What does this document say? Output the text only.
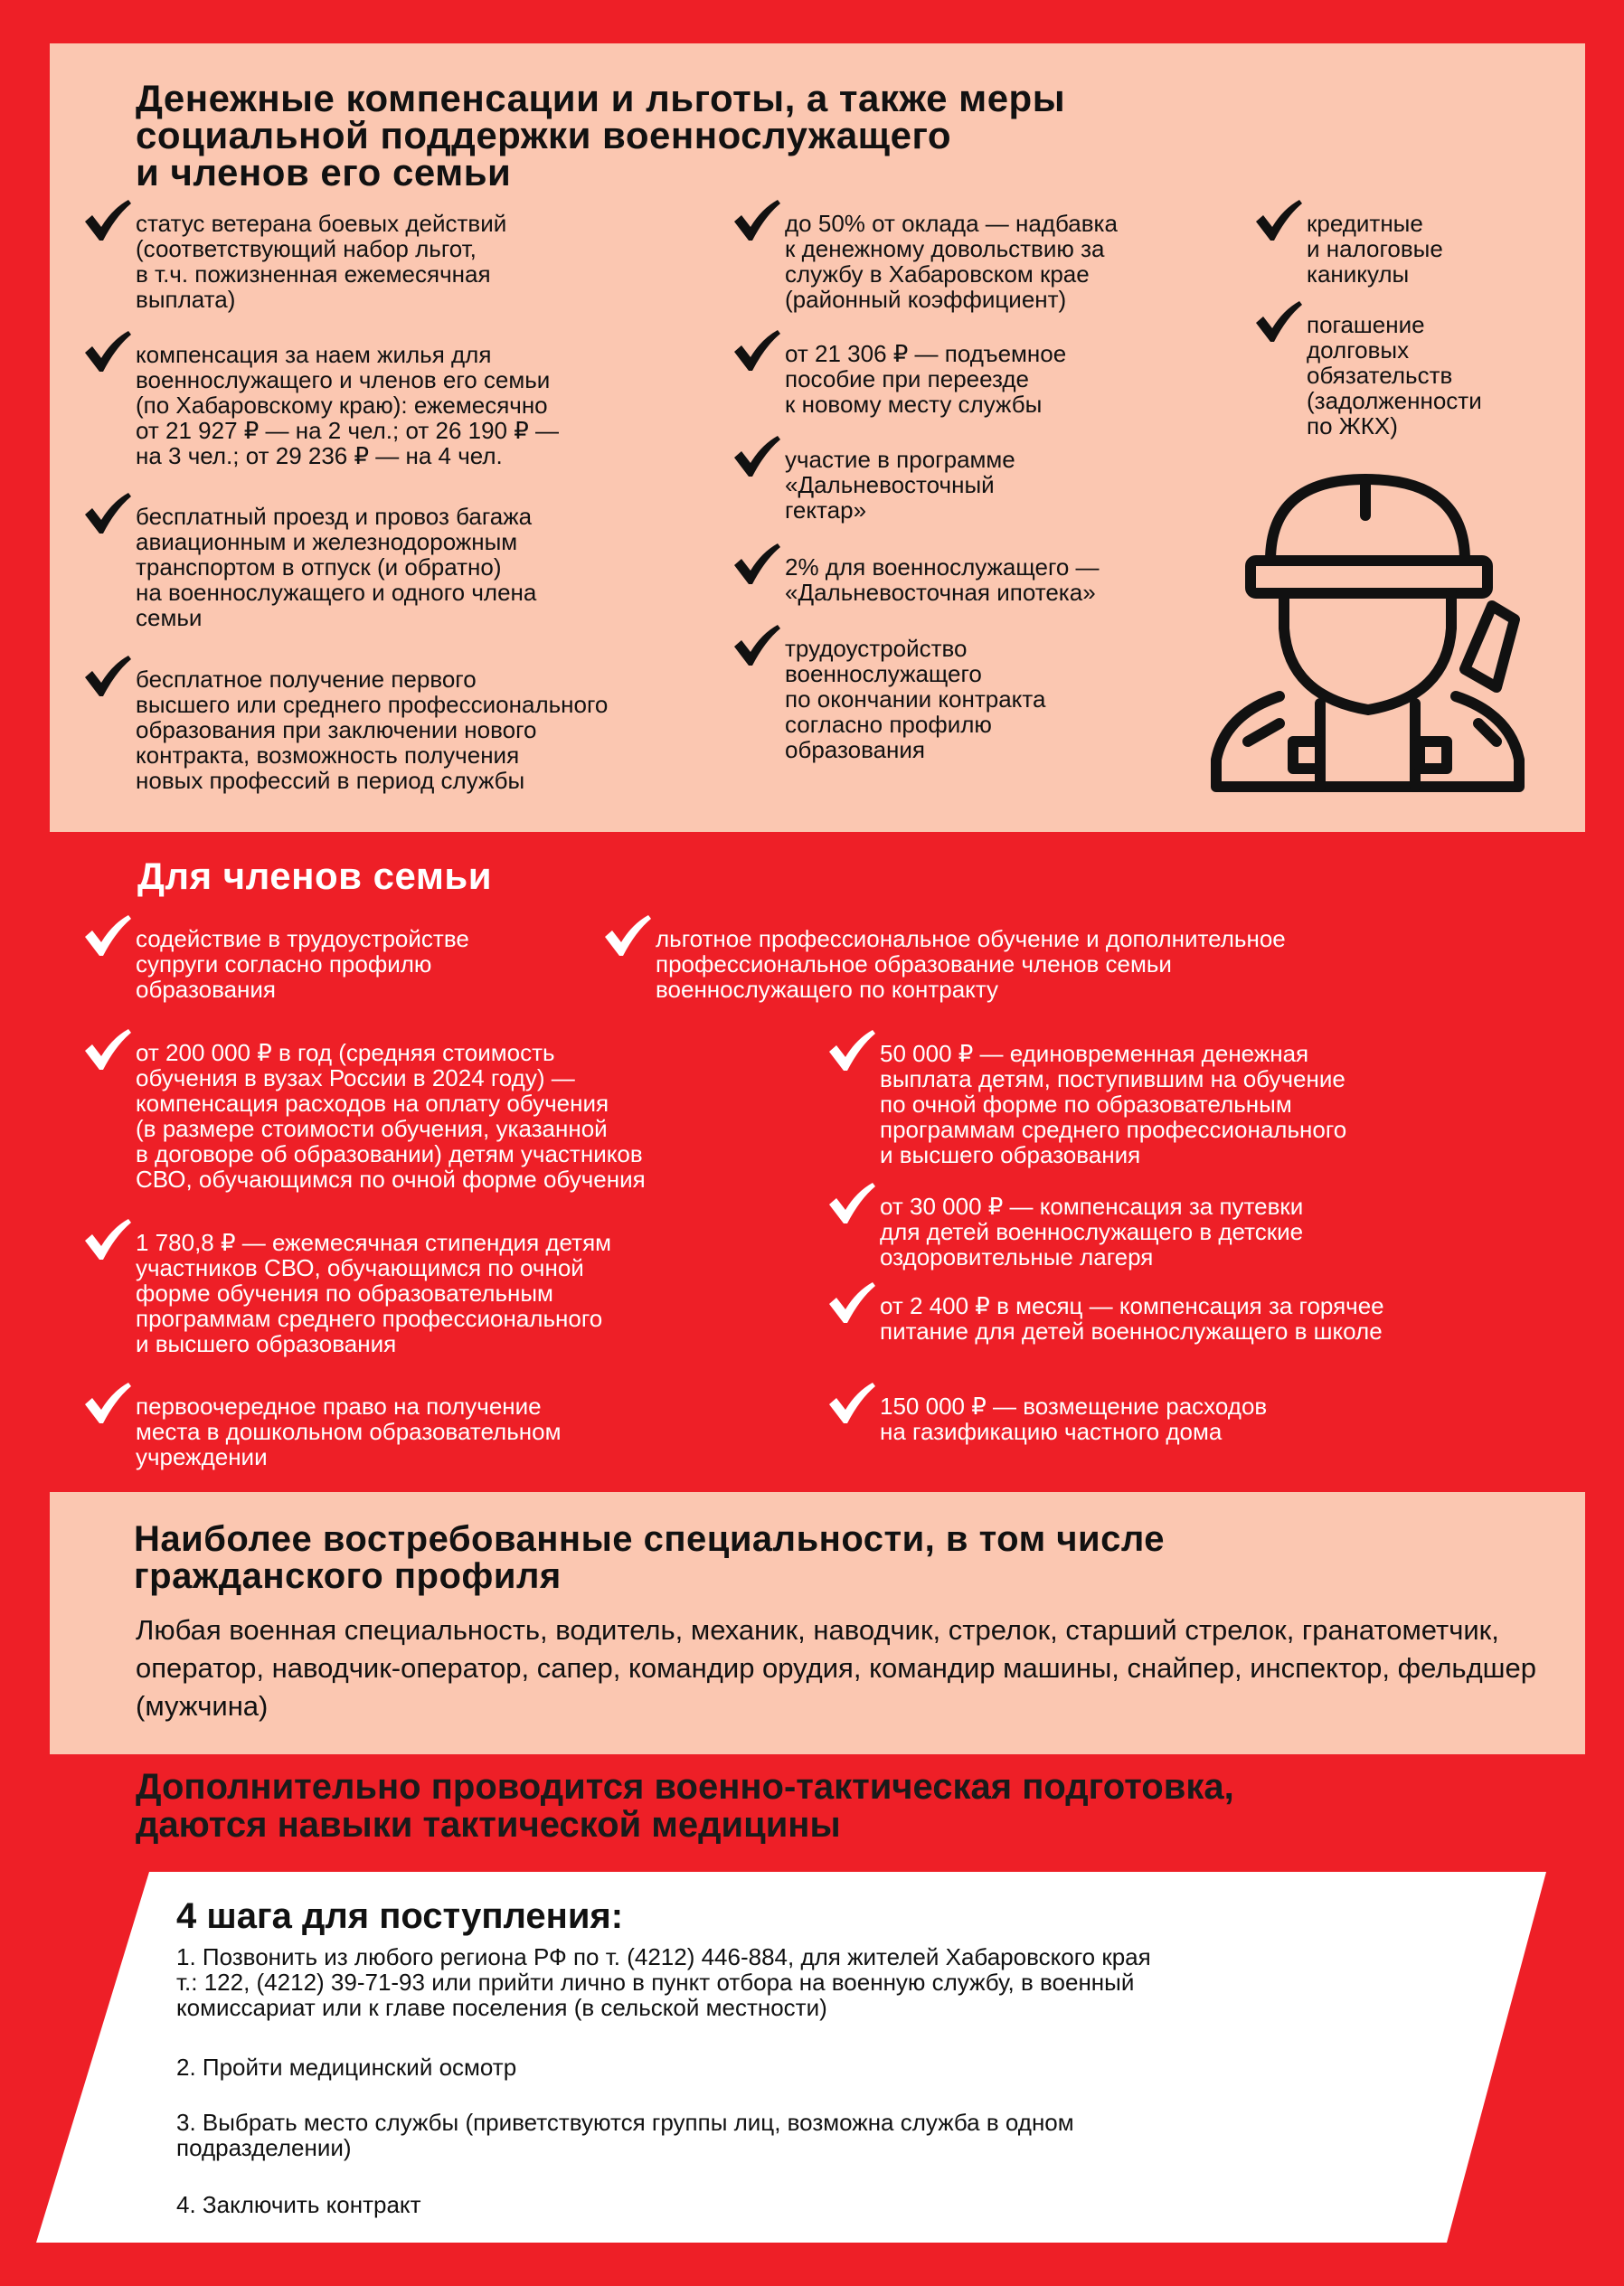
Денежные компенсации и льготы, а также меры
социальной поддержки военнослужащего
и членов его семьи
статус ветерана боевых действий
(соответствующий набор льгот,
в т.ч. пожизненная ежемесячная
выплата)
компенсация за наем жилья для
военнослужащего и членов его семьи
(по Хабаровскому краю): ежемесячно
от 21 927 ₽ — на 2 чел.; от 26 190 ₽ —
на 3 чел.; от 29 236 ₽ — на 4 чел.
бесплатный проезд и провоз багажа
авиационным и железнодорожным
транспортом в отпуск (и обратно)
на военнослужащего и одного члена
семьи
бесплатное получение первого
высшего или среднего профессионального
образования при заключении нового
контракта, возможность получения
новых профессий в период службы
до 50% от оклада — надбавка
к денежному довольствию за
службу в Хабаровском крае
(районный коэффициент)
от 21 306 ₽ — подъемное
пособие при переезде
к новому месту службы
участие в программе
«Дальневосточный
гектар»
2% для военнослужащего —
«Дальневосточная ипотека»
трудоустройство
военнослужащего
по окончании контракта
согласно профилю
образования
кредитные
и налоговые
каникулы
погашение
долговых
обязательств
(задолженности
по ЖКХ)
Для членов семьи
содействие в трудоустройстве
супруги согласно профилю
образования
льготное профессиональное обучение и дополнительное
профессиональное образование членов семьи
военнослужащего по контракту
от 200 000 ₽ в год (средняя стоимость
обучения в вузах России в 2024 году) —
компенсация расходов на оплату обучения
(в размере стоимости обучения, указанной
в договоре об образовании) детям участников
СВО, обучающимся по очной форме обучения
50 000 ₽ — единовременная денежная
выплата детям, поступившим на обучение
по очной форме по образовательным
программам среднего профессионального
и высшего образования
1 780,8 ₽ — ежемесячная стипендия детям
участников СВО, обучающимся по очной
форме обучения по образовательным
программам среднего профессионального
и высшего образования
от 30 000 ₽ — компенсация за путевки
для детей военнослужащего в детские
оздоровительные лагеря
от 2 400 ₽ в месяц — компенсация за горячее
питание для детей военнослужащего в школе
первоочередное право на получение
места в дошкольном образовательном
учреждении
150 000 ₽ — возмещение расходов
на газификацию частного дома
Наиболее востребованные специальности, в том числе
гражданского профиля

Любая военная специальность, водитель, механик, наводчик, стрелок, старший стрелок, гранатометчик, оператор, наводчик-оператор, сапер, командир орудия, командир машины, снайпер, инспектор, фельдшер (мужчина)

Дополнительно проводится военно-тактическая подготовка,
даются навыки тактической медицины
4 шага для поступления:

1. Позвонить из любого региона РФ по т. (4212) 446-884, для жителей Хабаровского края
т.: 122, (4212) 39-71-93 или прийти лично в пункт отбора на военную службу, в военный
комиссариат или к главе поселения (в сельской местности)

2. Пройти медицинский осмотр

3. Выбрать место службы (приветствуются группы лиц, возможна служба в одном
подразделении)

4. Заключить контракт
